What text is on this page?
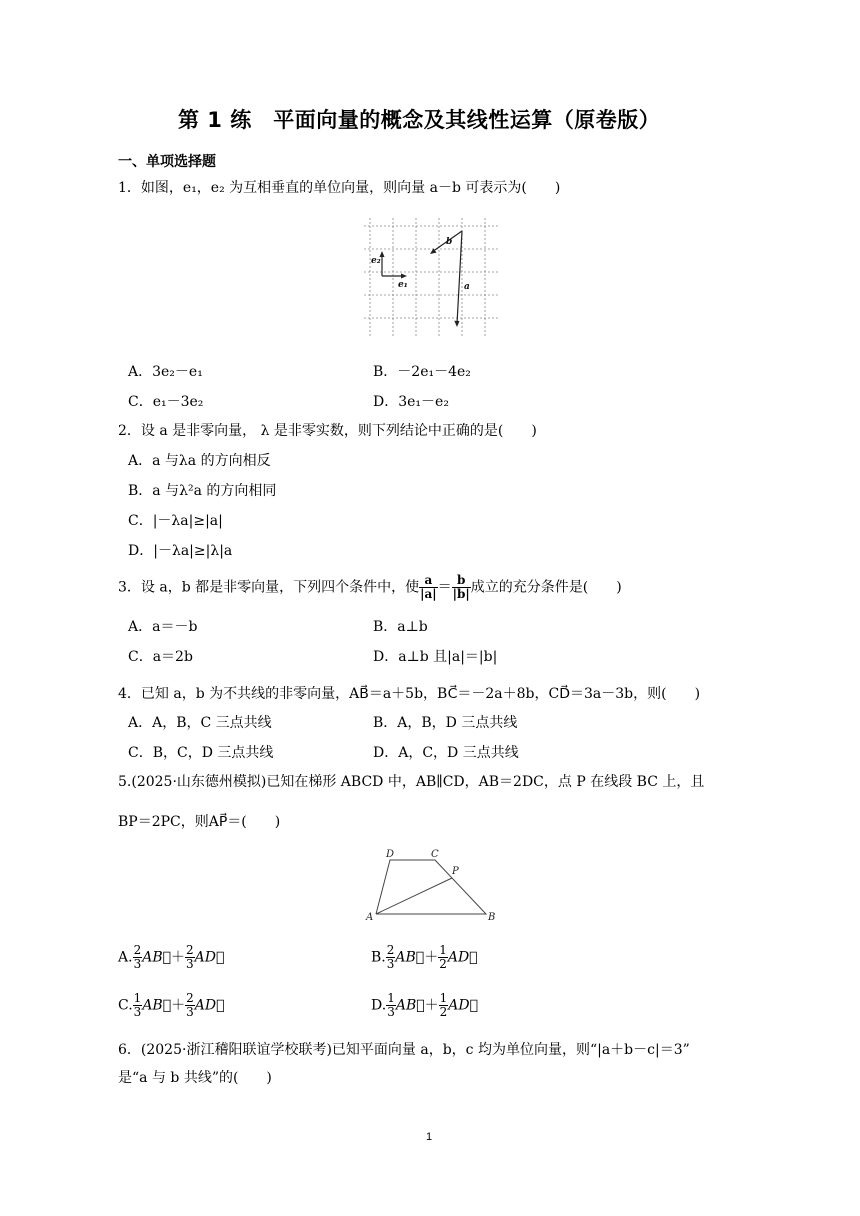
第 1 练　平面向量的概念及其线性运算（原卷版）
一、单项选择题
1．如图，e₁，e₂ 为互相垂直的单位向量，则向量 a－b 可表示为(　　)
e₂
e₁	a
b
A．3e₂－e₁	B．－2e₁－4e₂
C．e₁－3e₂	D．3e₁－e₂
2．设 a 是非零向量， λ 是非零实数，则下列结论中正确的是(　　)
A．a 与λa 的方向相反
B．a 与λ²a 的方向相同
C．|－λa|≥|a|
D．|－λa|≥|λ|a
3．设 a，b 都是非零向量，下列四个条件中，使 $\frac{a}{|a|} = \frac{b}{|b|}$ 成立的充分条件是(　　)
A．a＝－b	B．a⊥b
C．a＝2b	D．a⊥b 且|a|＝|b|
4．已知 a，b 为不共线的非零向量，AB⃗＝a＋5b，BC⃗＝－2a＋8b，CD⃗＝3a－3b，则(　　)
A．A，B，C 三点共线	B．A，B，D 三点共线
C．B，C，D 三点共线	D．A，C，D 三点共线
5.(2025·山东德州模拟)已知在梯形 ABCD 中，AB∥CD，AB＝2DC，点 P 在线段 BC 上，且
BP＝2PC，则AP⃗＝(　　)
A	B
C
D
P
A. $\frac{2}{3}$ AB⃗＋ $\frac{2}{3}$ AD⃗	B. $\frac{2}{3}$ AB⃗＋ $\frac{1}{2}$ AD⃗
C. $\frac{1}{3}$ AB⃗＋ $\frac{2}{3}$ AD⃗	D. $\frac{1}{3}$ AB⃗＋ $\frac{1}{2}$ AD⃗
6．(2025·浙江稽阳联谊学校联考)已知平面向量 a，b，c 均为单位向量，则“|a＋b－c|＝3”
是“a 与 b 共线”的(　　)
1
